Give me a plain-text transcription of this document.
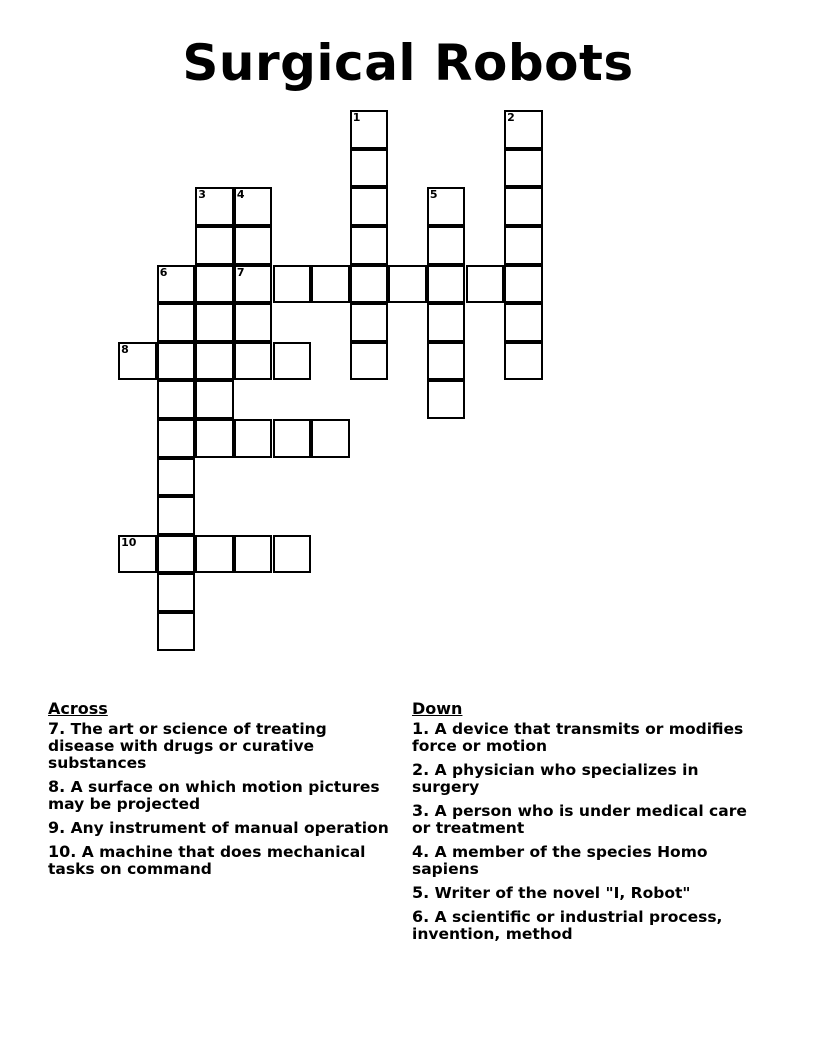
Surgical Robots
1	2
3	4
7
5
6
8
10
Across
7. The art or science of treating disease with drugs or curative substances
8. A surface on which motion pictures may be projected
9. Any instrument of manual operation
10. A machine that does mechanical tasks on command
Down
1. A device that transmits or modifies force or motion
2. A physician who specializes in surgery
3. A person who is under medical care or treatment
4. A member of the species Homo sapiens
5. Writer of the novel "I, Robot"
6. A scientific or industrial process, invention, method
